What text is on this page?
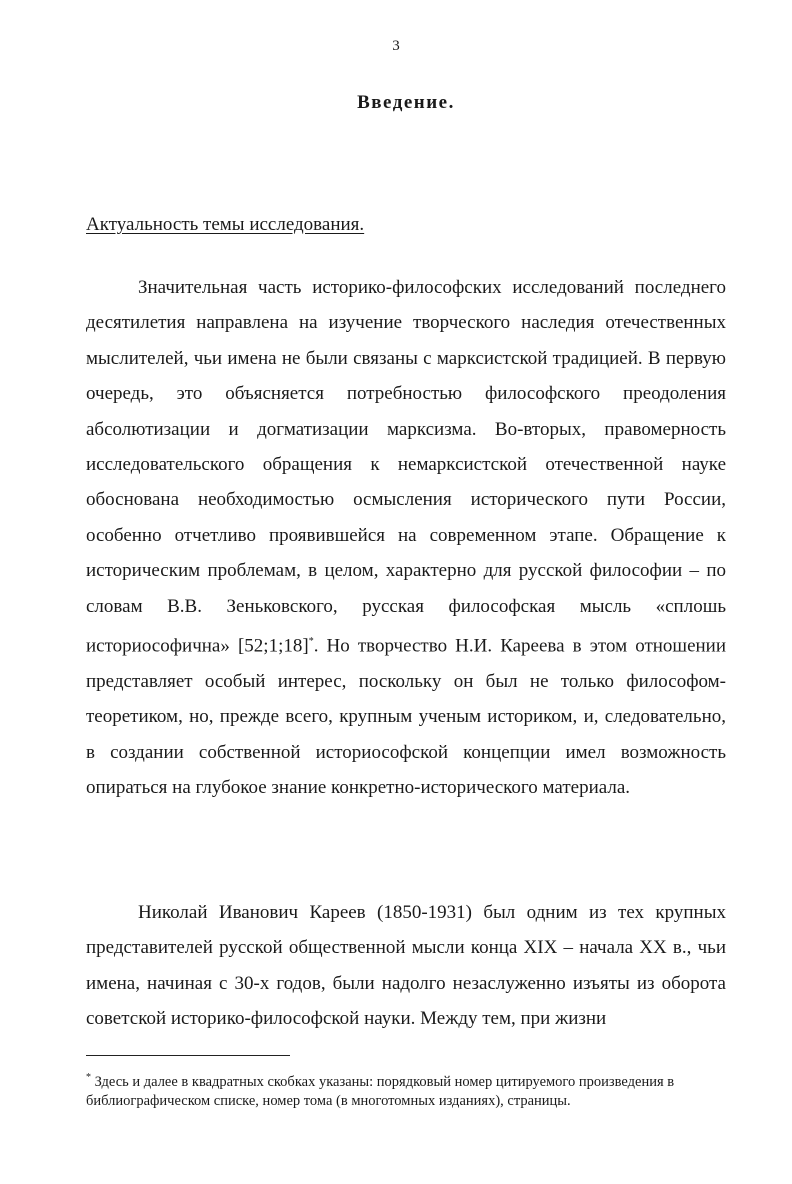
3
Введение.
Актуальность темы исследования.

Значительная часть историко-философских исследований последнего десятилетия направлена на изучение творческого наследия отечественных мыслителей, чьи имена не были связаны с марксистской традицией. В первую очередь, это объясняется потребностью философского преодоления абсолютизации и догматизации марксизма. Во-вторых, правомерность исследовательского обращения к немарксистской отечественной науке обоснована необходимостью осмысления исторического пути России, особенно отчетливо проявившейся на современном этапе. Обращение к историческим проблемам, в целом, характерно для русской философии – по словам В.В. Зеньковского, русская философская мысль «сплошь историософична» [52;1;18]*. Но творчество Н.И. Кареева в этом отношении представляет особый интерес, поскольку он был не только философом-теоретиком, но, прежде всего, крупным ученым историком, и, следовательно, в создании собственной историософской концепции имел возможность опираться на глубокое знание конкретно-исторического материала.

Николай Иванович Кареев (1850-1931) был одним из тех крупных представителей русской общественной мысли конца XIX – начала XX в., чьи имена, начиная с 30-х годов, были надолго незаслуженно изъяты из оборота советской историко-философской науки. Между тем, при жизни

* Здесь и далее в квадратных скобках указаны: порядковый номер цитируемого произведения в библиографическом списке, номер тома (в многотомных изданиях), страницы.
